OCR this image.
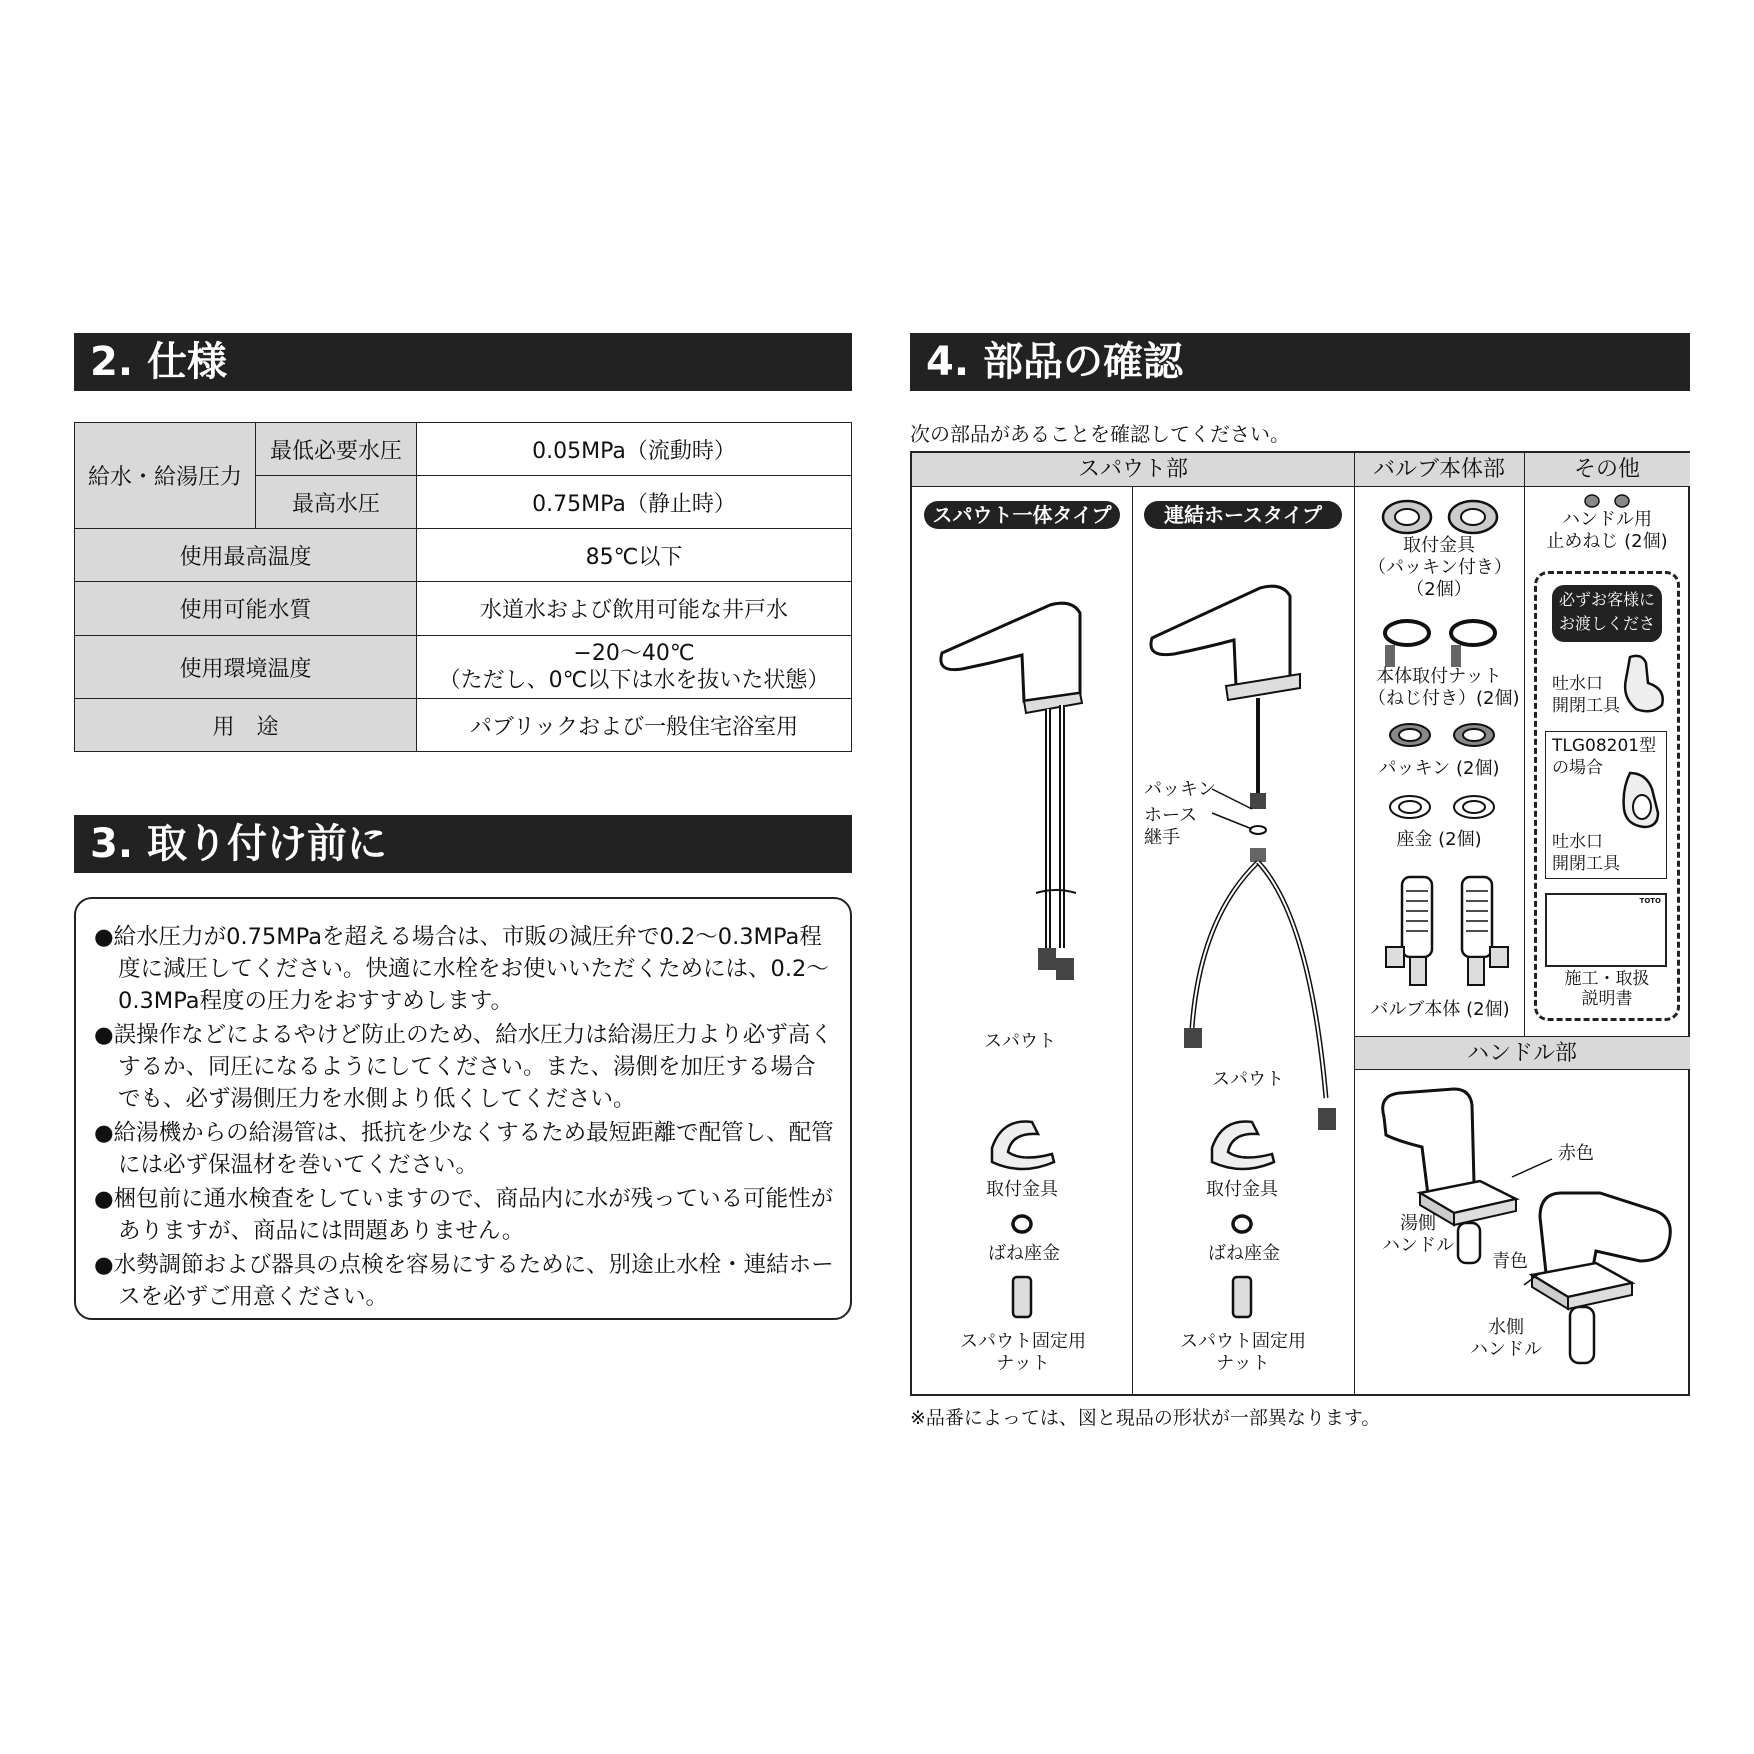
2. 仕様
給水・給湯圧力	最低必要水圧	0.05MPa（流動時）
	最高水圧	0.75MPa（静止時）
使用最高温度		85℃以下
使用可能水質		水道水および飲用可能な井戸水
使用環境温度		−20〜40℃
（ただし、0℃以下は水を抜いた状態）

用　途		パブリックおよび一般住宅浴室用
3. 取り付け前に

●給水圧力が0.75MPaを超える場合は、市販の減圧弁で0.2〜0.3MPa程度に減圧してください。快適に水栓をお使いいただくためには、0.2〜0.3MPa程度の圧力をおすすめします。

●誤操作などによるやけど防止のため、給水圧力は給湯圧力より必ず高くするか、同圧になるようにしてください。また、湯側を加圧する場合でも、必ず湯側圧力を水側より低くしてください。

●給湯機からの給湯管は、抵抗を少なくするため最短距離で配管し、配管には必ず保温材を巻いてください。

●梱包前に通水検査をしていますので、商品内に水が残っている可能性がありますが、商品には問題ありません。

●水勢調節および器具の点検を容易にするために、別途止水栓・連結ホースを必ずご用意ください。

4. 部品の確認
次の部品があることを確認してください。
スパウト部	バルブ本体部	その他
ハンドル部
スパウト一体タイプ
スパウト
取付金具
ばね座金
スパウト固定用
ナット
連結ホースタイプ
パッキン
ホース
継手
スパウト
取付金具
ばね座金
スパウト固定用
ナット
取付金具
（パッキン付き）
（2個）
本体取付ナット
（ねじ付き）(2個)
パッキン (2個)
座金 (2個)
バルブ本体 (2個)
ハンドル用
止めねじ (2個)
必ずお客様に
お渡しください
吐水口
開閉工具
TLG08201型
の場合
吐水口
開閉工具
TOTO
施工・取扱
説明書
赤色
湯側
ハンドル
青色
水側
ハンドル
※品番によっては、図と現品の形状が一部異なります。
